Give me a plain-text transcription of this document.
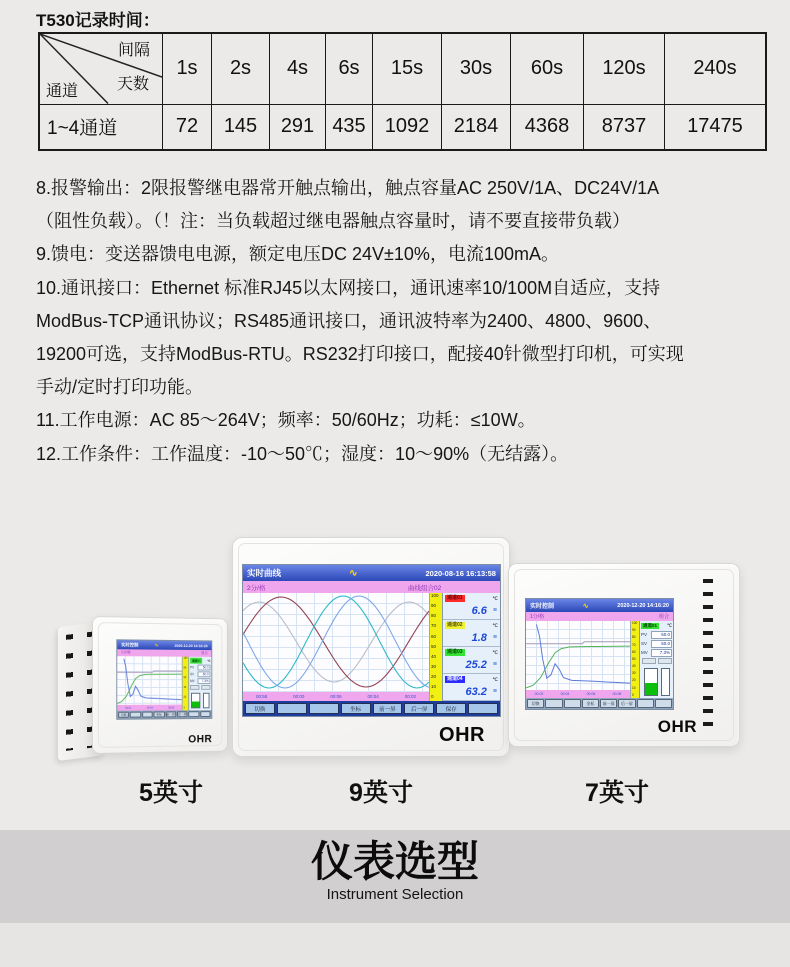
T530记录时间：
间隔
天数
通道	1s	2s	4s	6s	15s	30s	60s	120s	240s
1~4通道	72	145	291	435	1092	2184	4368	8737	17475
8.报警输出：2限报警继电器常开触点输出，触点容量AC 250V/1A、DC24V/1A
（阻性负载）。（！注：当负载超过继电器触点容量时，请不要直接带负载）
9.馈电：变送器馈电电源，额定电压DC 24V±10%，电流100mA。
10.通讯接口：Ethernet 标准RJ45以太网接口，通讯速率10/100M自适应，支持
ModBus-TCP通讯协议；RS485通讯接口，通讯波特率为2400、4800、9600、
19200可选，支持ModBus-RTU。RS232打印接口，配接40针微型打印机，可实现
手动/定时打印功能。
11.工作电源：AC 85～264V；频率：50/60Hz；功耗：≤10W。
12.工作条件：工作温度：-10～50℃；湿度：10～90%（无结露）。
实时控制	∿	2020-12-20 14:16:20
1分/格	组合
00:02	00:04	00:06
100
80
60
40
20
0
通道01	℃
PV	50.0
SV	50.0
MV	7.3%
切换	坐标	前一屏	后一屏
OHR
实时曲线	∿	2020-08-16 16:13:58
2分/格	曲线组合02
00:58	00:00	00:06	00:04	00:02
100
90
80
70
60
50
40
30
20
10
0
通道01	℃
6.6 ≡
通道02	℃
1.8 ≡
通道03	℃
25.2 ≡
通道04	℃
63.2 ≡
切换	坐标	前一屏	后一屏	保存
OHR
实时控制	∿	2020-12-20 14:16:20
1分/格	组合
00:02	00:04	00:06	00:08
100
90
80
70
60
50
40
30
20
10
0
通道01	℃
PV	50.0
SV	50.0
MV	7.3%
切换	坐标	前一屏	后一屏
OHR
5英寸	9英寸	7英寸
仪表选型
Instrument Selection
